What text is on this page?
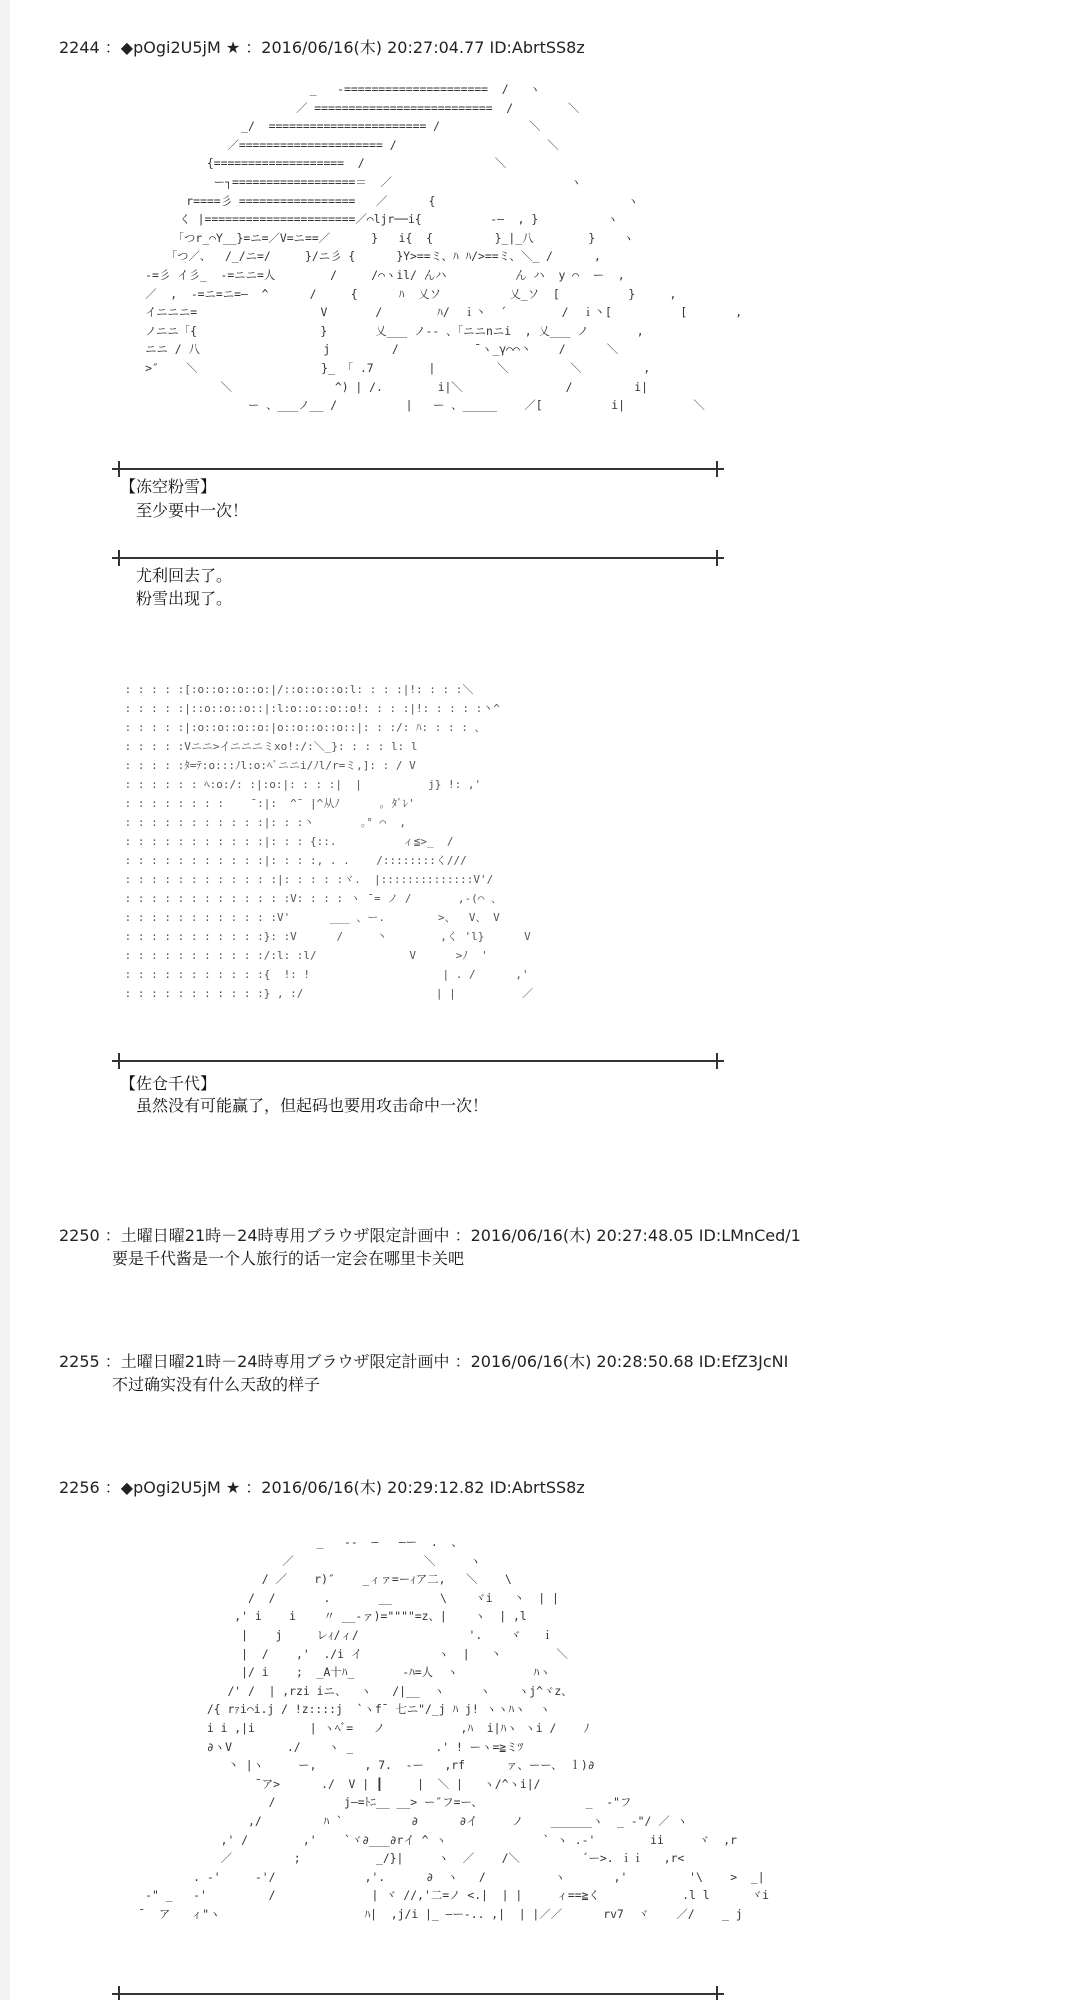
2244 ：◆pOgi2U5jM ★ ：2016/06/16(木) 20:27:04.77 ID:AbrtSS8z
_   -=====================  /   ヽ
／ ==========================  /        ＼
_/  ======================= /             ＼
／===================== /                      ＼
{===================  /                   ＼
ー┐==================＝  ／                          ヽ
r====彡 =================   ／      {                            ヽ
く |======================／⌒ljr──i{          -―  , }          ヽ
「つr_⌒Y__}=ニ=／V=ニ==／      }   i{  {         }_|_八        }    ヽ
「つ／、  /_/ニ=/     }/ニ彡 {      }Y>==ミ、ﾊ ﾊ/>==ミ、＼_ /      ,
-=彡 イ彡_  -=ニニ=人        /     /⌒ヽil/ んハ          ん ハ  y ⌒  ー  ,
／  ,  -=ニ=ニ=―  ^      /     {      ﾊ  乂ソ          乂_ソ  [          }     ,
イニニニ=                  V       /        ﾊ/  ｉ丶  ´        /  ｉ丶[          [       ,
ノニニ「{                  }       乂___ ノ-- 、「ニニnニi  , 乂___ ノ       ,
ニニ / 八                  j         /           ¯ヽ_γ⌒⌒丶    /      ＼
>″    ＼                  }_ 「 .7        |         ＼         ＼         ,
＼               ^) | /.        i|＼               /         i|
ー 、___ノ__ /          |   ー 、_____    ／[          i|          ＼
【冻空粉雪】
至少要中一次！
尤利回去了。
粉雪出现了。
: : : : :[:o::o::o::o:|/::o::o::o:l: : : :|!: : : :＼
: : : : :|::o::o::o::|:l:o::o::o::o!: : : :|!: : : : :丶^
: : : : :|:o::o::o::o:|o::o::o::o::|: : :/: ﾊ: : : : 、
: : : : :Vニニ>イニニニミxo!:/:＼_}: : : : l: l
: : : : :ﾀ=ﾃ:o:::ﾉl:o:ﾍﾞニニi/ﾉl/r=ミ,]: : / V
: : : : : : ﾍ:o:/: :|:o:|: : : :|  |          j} !: ,'
: : : : : : : :    ¯:|:  ^¯ |^从ﾉ      ｡ ﾀﾞﾚ'
: : : : : : : : : : :|: : :丶       ｡° ⌒  ,
: : : : : : : : : : :|: : : {::.          ィ≦>_  /
: : : : : : : : : : :|: : : :, . .    /::::::::く///
: : : : : : : : : : : :|: : : : :ヾ.  |::::::::::::::V'/
: : : : : : : : : : : : :V: : : : ヽ ¯= ノ /       ,-(⌒ 、
: : : : : : : : : : : :V'      ___ 、ー.        >、  V、 V
: : : : : : : : : : :}: :V      /     丶        ,く 'l}      V
: : : : : : : : : : :/:l: :l/              V      >ﾉ  '
: : : : : : : : : : :{  !: !                    | . /      ,'
: : : : : : : : : : :} , :/                    | |          ／
【佐仓千代】
虽然没有可能赢了，但起码也要用攻击命中一次！
2250 ：土曜日曜21時－24時専用ブラウザ限定計画中 ：2016/06/16(木) 20:27:48.05 ID:LMnCed/1
要是千代酱是一个人旅行的话一定会在哪里卡关吧
2255 ：土曜日曜21時－24時専用ブラウザ限定計画中 ：2016/06/16(木) 20:28:50.68 ID:EfZ3JcNI
不过确实没有什么天敌的样子
2256 ：◆pOgi2U5jM ★ ：2016/06/16(木) 20:29:12.82 ID:AbrtSS8z
_   --  ―   ―ー  .  、
／                   ＼     ヽ
/ ／    r)″    _ィァ=ーｨア二,   ＼    \
/  /       .       __       \    ヾi   丶  | |
,' i    i    〃 __-ァ)=""""=z、|    ヽ  | ,l
|    j     レｨ/ィ/                '.    ヾ   ｉ
|  /    ,'  ./i イ           ヽ  |   丶        ＼
|/ i    ;  _A十ﾊ_       -ﾊ=人  ヽ           ﾊヽ
/' /  | ,rzi iニ、  ヽ   /|__  ヽ     ヽ    ヽj^ヾz、
/{ rｧi⌒i.j / !z::::j  `ヽf¯ 七ニ"/_j ﾊ j! ヽヽﾊヽ  ヽ
i i ,|i        | ヽﾍﾞ=   ノ           ,ﾊ  i|ﾊヽ ヽi /    ﾉ
∂ヽV        ./    ヽ _            .' ! ーヽ=≧ミﾂ
丶 |ヽ     ー,       , 7.  -ー   ,rf      ァ、ーー、 ｌ)∂
¯ア>      ./  V | ┃     |  ＼ |   ヽ/^ヽi|/
/          j―=ﾄﾆ__ __> ー″フ=ー、               _  -"フ
,/         ﾊ `          ∂      ∂イ     ノ    ______ヽ  _ -"/ ／ ヽ
,' /        ,'    `ヾ∂___∂rイ ^ ヽ              ` ヽ .-'        ii     ヾ  ,r
／         ;           _/}|     ヽ  ／    /＼         ´ー>. ｉｉ   ,r<
. -'     -'/             ,'.      ∂  ヽ   /          ヽ       ,'         '\    >  _|
-" _   -'         /              | ヾ //,'二=ノ <.|  | |     ィ==≧く            .l l      ヾi
¯  ア   ィ"ヽ                     ﾊ|  ,j/i |_ ―ー-.. ,|  | |／／      rv7  ヾ    ／/    _ j
